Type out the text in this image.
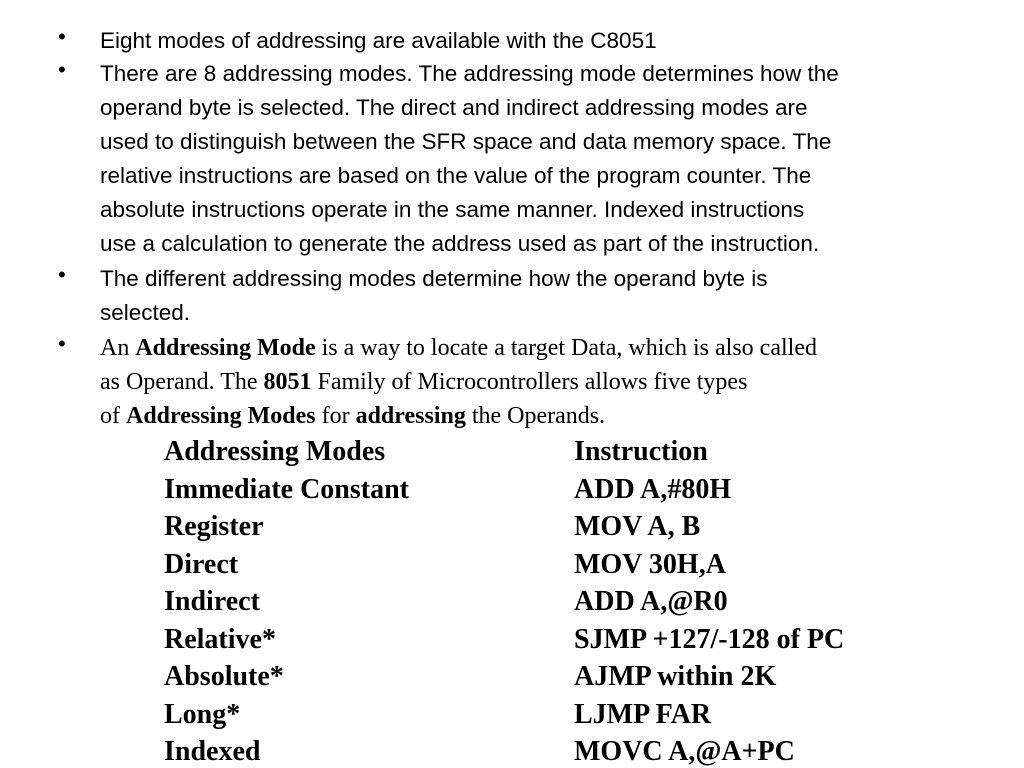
• Eight modes of addressing are available with the C8051
• There are 8 addressing modes. The addressing mode determines how the
operand byte is selected. The direct and indirect addressing modes are
used to distinguish between the SFR space and data memory space. The
relative instructions are based on the value of the program counter. The
absolute instructions operate in the same manner. Indexed instructions
use a calculation to generate the address used as part of the instruction.
• The different addressing modes determine how the operand byte is
selected.
• An Addressing Mode is a way to locate a target Data, which is also called
as Operand. The 8051 Family of Microcontrollers allows five types
of Addressing Modes for addressing the Operands.
Addressing Modes	Instruction
Immediate Constant	ADD A,#80H
Register	MOV A, B
Direct	MOV 30H,A
Indirect	ADD A,@R0
Relative*	SJMP +127/-128 of PC
Absolute*	AJMP within 2K
Long*	LJMP FAR
Indexed	MOVC A,@A+PC
